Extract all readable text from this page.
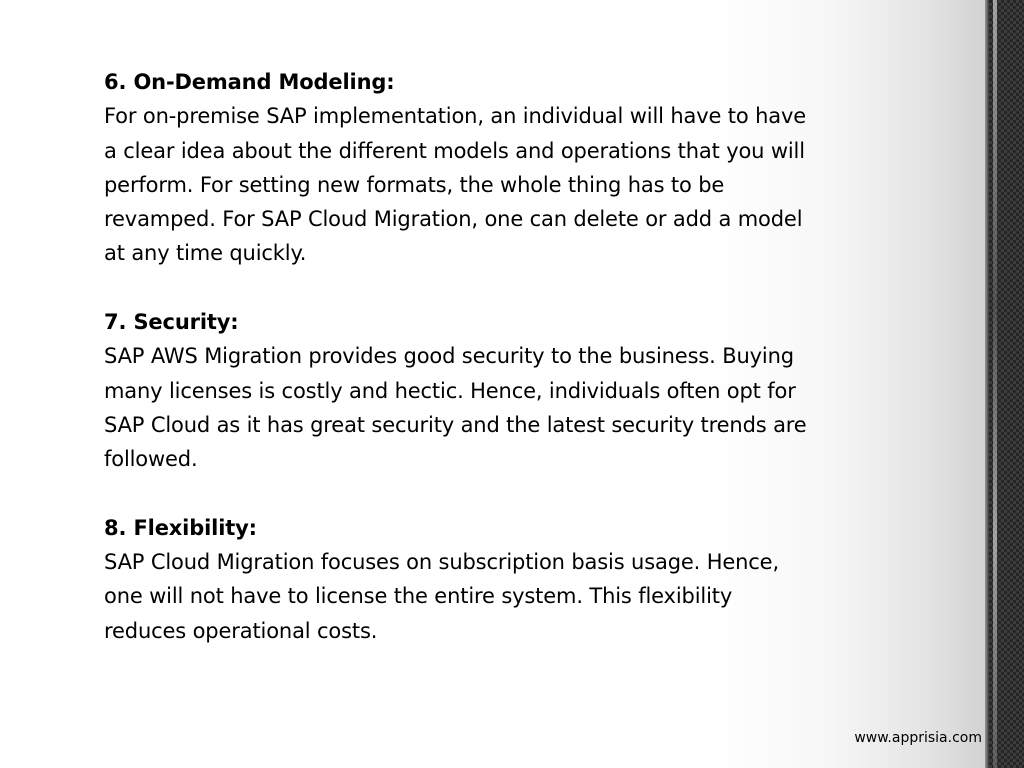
6. On-Demand Modeling:
For on-premise SAP implementation, an individual will have to have
a clear idea about the different models and operations that you will
perform. For setting new formats, the whole thing has to be
revamped. For SAP Cloud Migration, one can delete or add a model
at any time quickly.
7. Security:
SAP AWS Migration provides good security to the business. Buying
many licenses is costly and hectic. Hence, individuals often opt for
SAP Cloud as it has great security and the latest security trends are
followed.
8. Flexibility:
SAP Cloud Migration focuses on subscription basis usage. Hence,
one will not have to license the entire system. This flexibility
reduces operational costs.
www.apprisia.com
